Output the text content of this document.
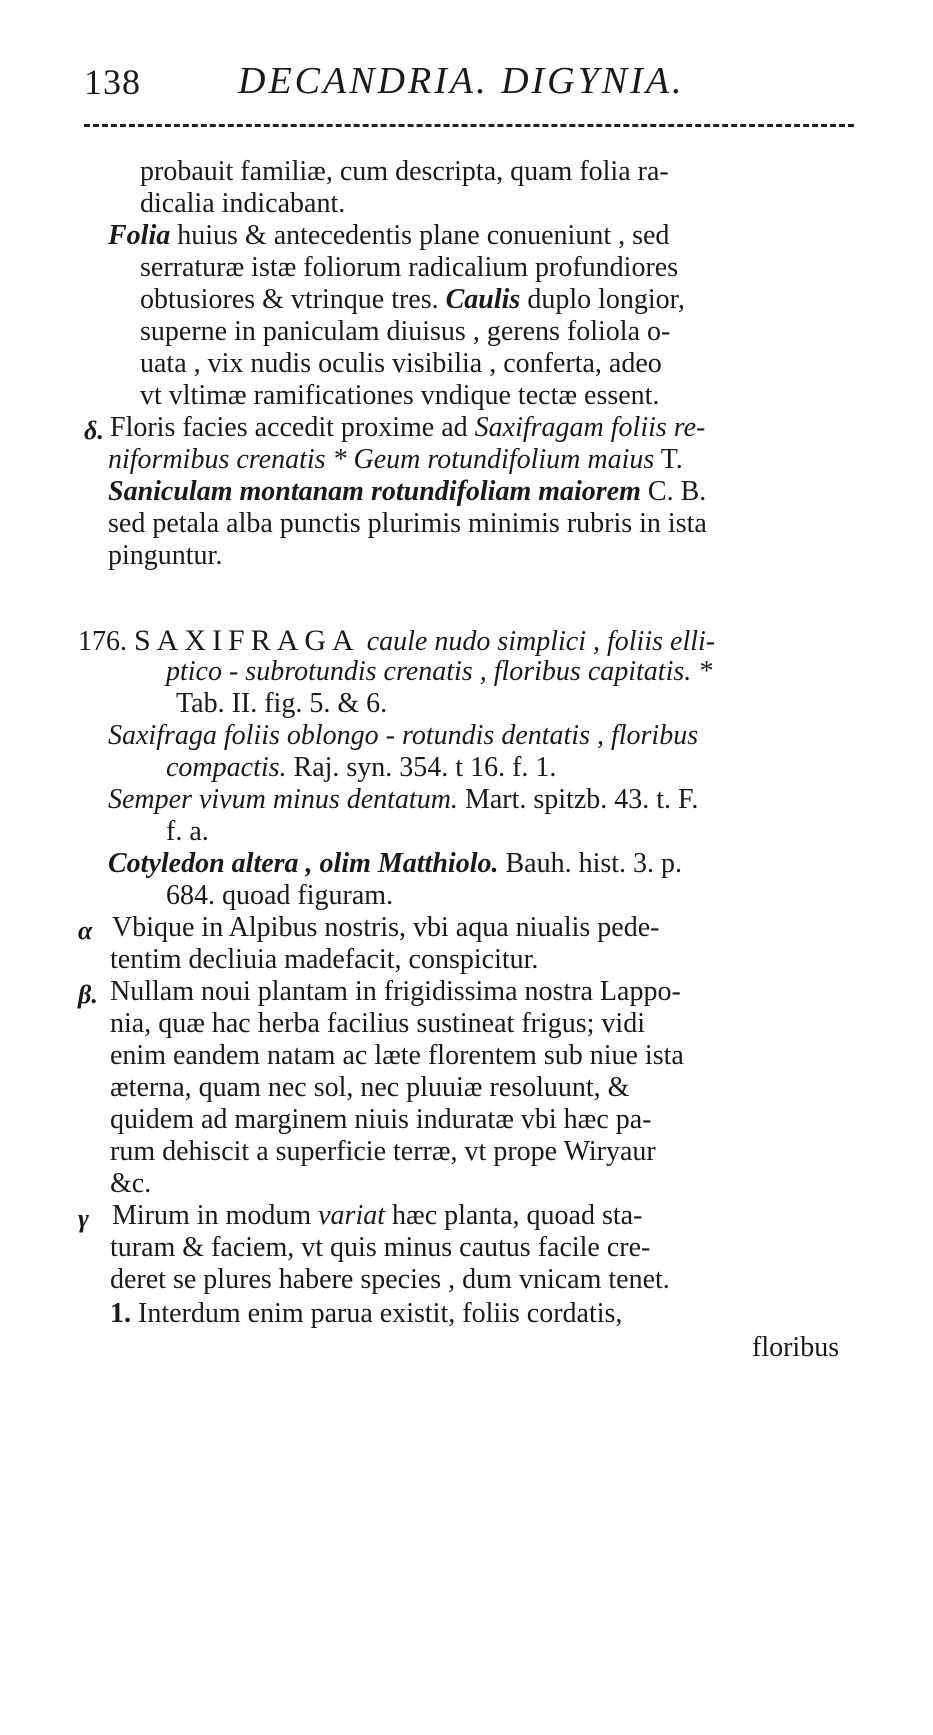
138	DECANDRIA. DIGYNIA.
probauit familiæ, cum descripta, quam folia ra-
dicalia indicabant.
Folia huius & antecedentis plane conueniunt , sed
serraturæ istæ foliorum radicalium profundiores
obtusiores & vtrinque tres. Caulis duplo longior,
superne in paniculam diuisus , gerens foliola o-
uata , vix nudis oculis visibilia , conferta, adeo
vt vltimæ ramificationes vndique tectæ essent.
δ. Floris facies accedit proxime ad Saxifragam foliis re-
niformibus crenatis * Geum rotundifolium maius T.
Saniculam montanam rotundifoliam maiorem C. B.
sed petala alba punctis plurimis minimis rubris in ista
pinguntur.
176. SAXIFRAGA caule nudo simplici , foliis elli-
ptico - subrotundis crenatis , floribus capitatis. *
Tab. II. fig. 5. & 6.
Saxifraga foliis oblongo - rotundis dentatis , floribus
compactis. Raj. syn. 354. t 16. f. 1.
Semper vivum minus dentatum. Mart. spitzb. 43. t. F.
f. a.
Cotyledon altera , olim Matthiolo. Bauh. hist. 3. p.
684. quoad figuram.
α Vbique in Alpibus nostris, vbi aqua niualis pede-
tentim decliuia madefacit, conspicitur.
β. Nullam noui plantam in frigidissima nostra Lappo-
nia, quæ hac herba facilius sustineat frigus; vidi
enim eandem natam ac læte florentem sub niue ista
æterna, quam nec sol, nec pluuiæ resoluunt, &
quidem ad marginem niuis induratæ vbi hæc pa-
rum dehiscit a superficie terræ, vt prope Wiryaur
&c.
γ Mirum in modum variat hæc planta, quoad sta-
turam & faciem, vt quis minus cautus facile cre-
deret se plures habere species , dum vnicam tenet.
1. Interdum enim parua existit, foliis cordatis,
floribus
